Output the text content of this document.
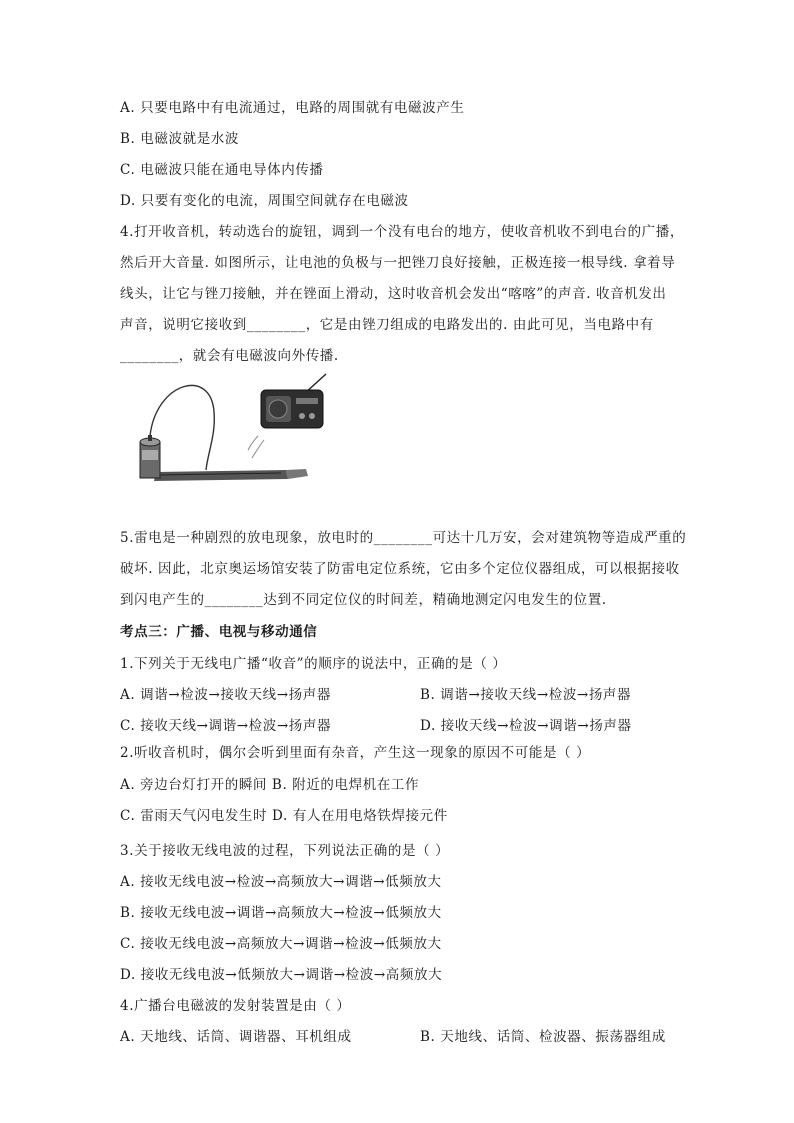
A. 只要电路中有电流通过，电路的周围就有电磁波产生
B. 电磁波就是水波
C. 电磁波只能在通电导体内传播
D. 只要有变化的电流，周围空间就存在电磁波
4.打开收音机，转动选台的旋钮，调到一个没有电台的地方，使收音机收不到电台的广播，
然后开大音量. 如图所示，让电池的负极与一把锉刀良好接触，正极连接一根导线. 拿着导
线头，让它与锉刀接触，并在锉面上滑动，这时收音机会发出“喀喀”的声音. 收音机发出
声音，说明它接收到________，它是由锉刀组成的电路发出的. 由此可见，当电路中有
________，就会有电磁波向外传播.
5.雷电是一种剧烈的放电现象，放电时的________可达十几万安，会对建筑物等造成严重的
破坏. 因此，北京奥运场馆安装了防雷电定位系统，它由多个定位仪器组成，可以根据接收
到闪电产生的________达到不同定位仪的时间差，精确地测定闪电发生的位置.
考点三：广播、电视与移动通信
1.下列关于无线电广播“收音”的顺序的说法中，正确的是（ ）
A. 调谐→检波→接收天线→扬声器	B. 调谐→接收天线→检波→扬声器
C. 接收天线→调谐→检波→扬声器	D. 接收天线→检波→调谐→扬声器
2.听收音机时，偶尔会听到里面有杂音，产生这一现象的原因不可能是（ ）
A. 旁边台灯打开的瞬间 B. 附近的电焊机在工作
C. 雷雨天气闪电发生时 D. 有人在用电烙铁焊接元件
3.关于接收无线电波的过程，下列说法正确的是（ ）
A. 接收无线电波→检波→高频放大→调谐→低频放大
B. 接收无线电波→调谐→高频放大→检波→低频放大
C. 接收无线电波→高频放大→调谐→检波→低频放大
D. 接收无线电波→低频放大→调谐→检波→高频放大
4.广播台电磁波的发射装置是由（ ）
A. 天地线、话筒、调谐器、耳机组成	B. 天地线、话筒、检波器、振荡器组成
